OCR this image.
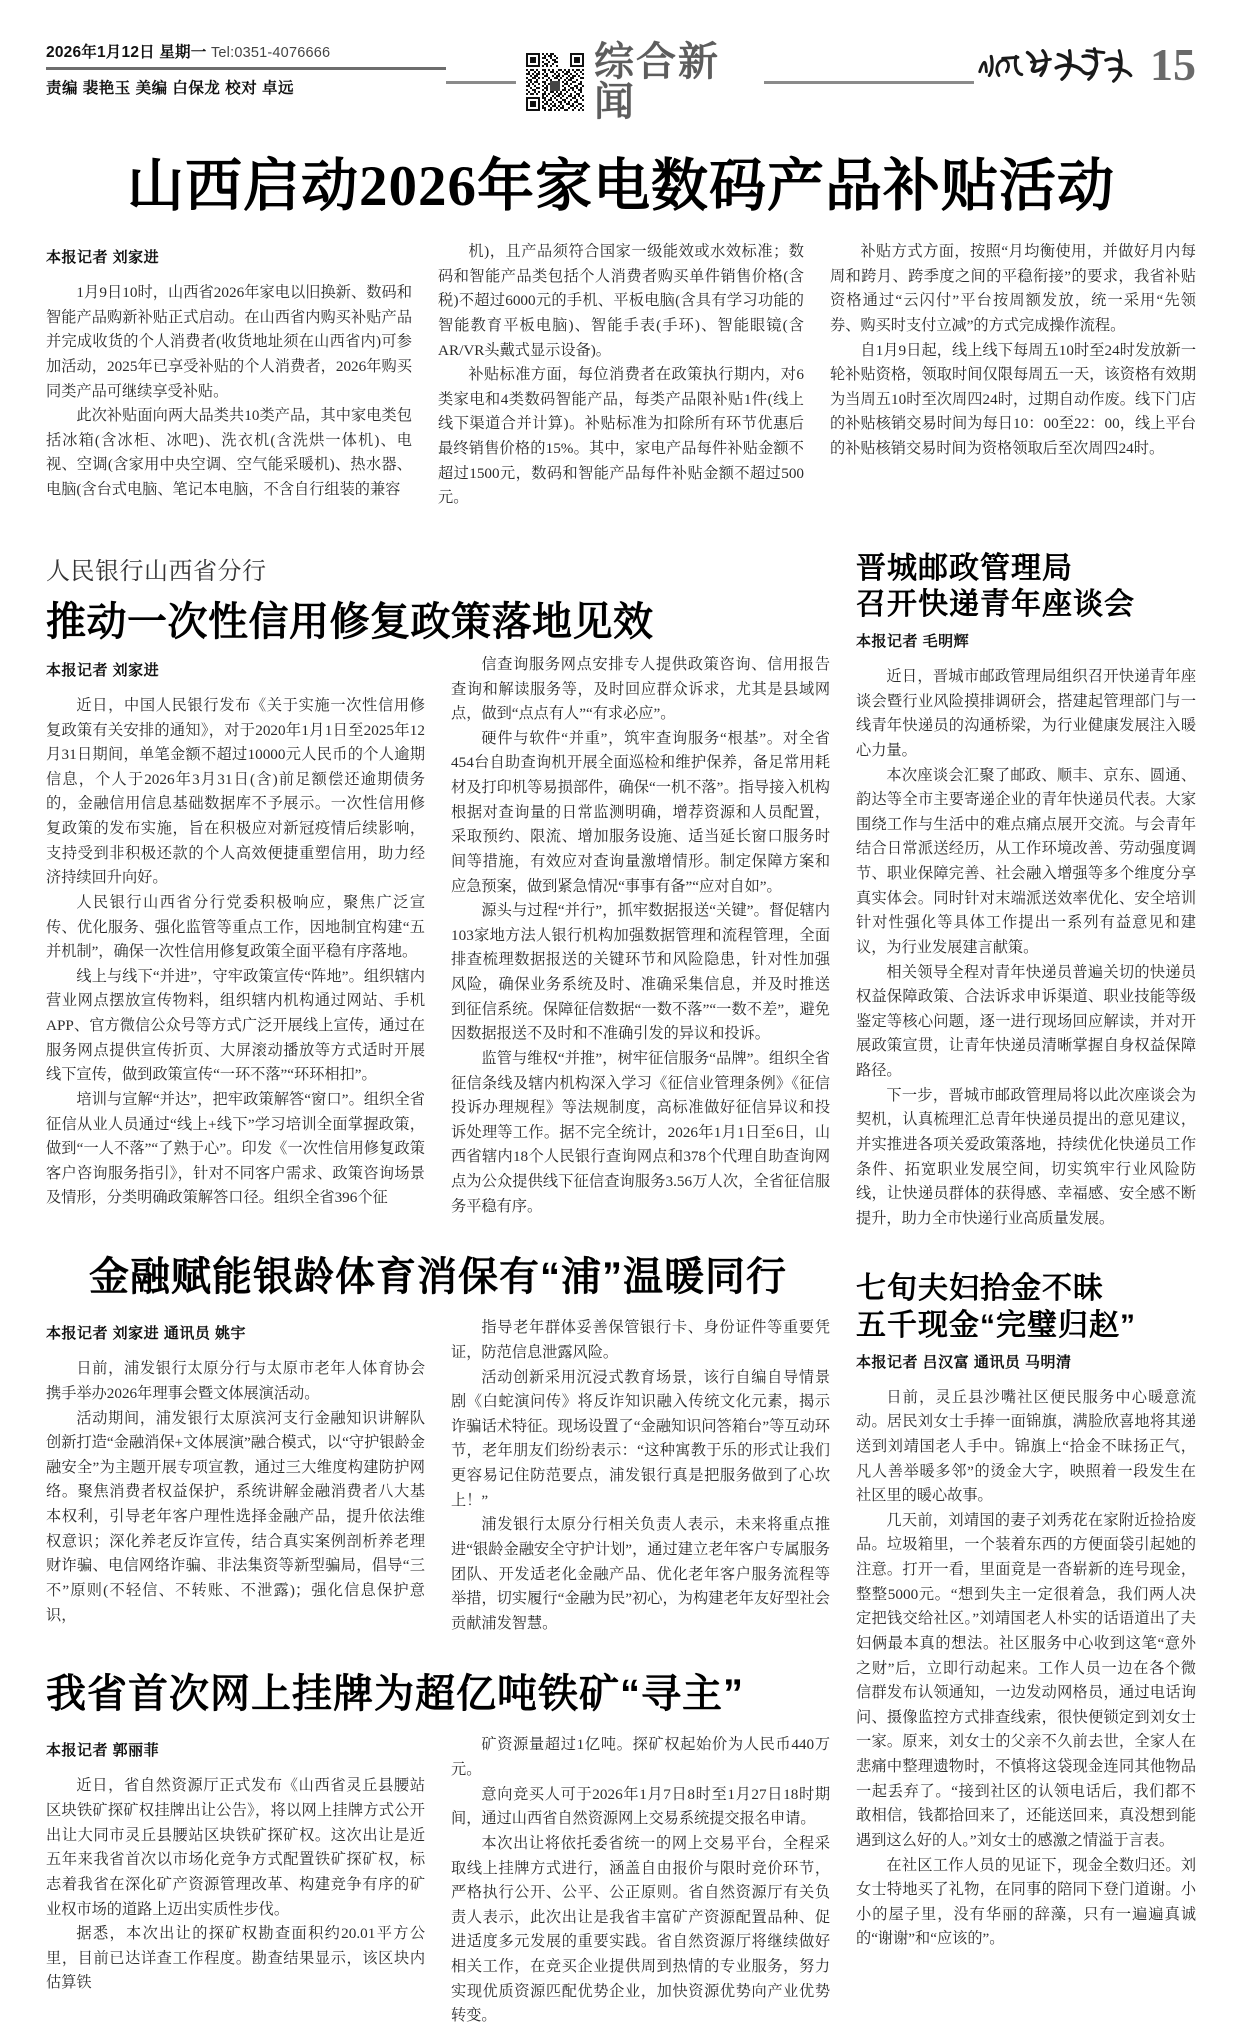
2026年1月12日 星期一 Tel:0351-4076666
责编 裴艳玉 美编 白保龙 校对 卓远
综合新闻
15
山西启动2026年家电数码产品补贴活动
本报记者 刘家进

1月9日10时，山西省2026年家电以旧换新、数码和智能产品购新补贴正式启动。在山西省内购买补贴产品并完成收货的个人消费者(收货地址须在山西省内)可参加活动，2025年已享受补贴的个人消费者，2026年购买同类产品可继续享受补贴。

此次补贴面向两大品类共10类产品，其中家电类包括冰箱(含冰柜、冰吧)、洗衣机(含洗烘一体机)、电视、空调(含家用中央空调、空气能采暖机)、热水器、电脑(含台式电脑、笔记本电脑，不含自行组装的兼容

机)，且产品须符合国家一级能效或水效标准；数码和智能产品类包括个人消费者购买单件销售价格(含税)不超过6000元的手机、平板电脑(含具有学习功能的智能教育平板电脑)、智能手表(手环)、智能眼镜(含AR/VR头戴式显示设备)。

补贴标准方面，每位消费者在政策执行期内，对6类家电和4类数码智能产品，每类产品限补贴1件(线上线下渠道合并计算)。补贴标准为扣除所有环节优惠后最终销售价格的15%。其中，家电产品每件补贴金额不超过1500元，数码和智能产品每件补贴金额不超过500元。

补贴方式方面，按照“月均衡使用，并做好月内每周和跨月、跨季度之间的平稳衔接”的要求，我省补贴资格通过“云闪付”平台按周额发放，统一采用“先领券、购买时支付立减”的方式完成操作流程。

自1月9日起，线上线下每周五10时至24时发放新一轮补贴资格，领取时间仅限每周五一天，该资格有效期为当周五10时至次周四24时，过期自动作废。线下门店的补贴核销交易时间为每日10：00至22：00，线上平台的补贴核销交易时间为资格领取后至次周四24时。

人民银行山西省分行
推动一次性信用修复政策落地见效
本报记者 刘家进

近日，中国人民银行发布《关于实施一次性信用修复政策有关安排的通知》，对于2020年1月1日至2025年12月31日期间，单笔金额不超过10000元人民币的个人逾期信息，个人于2026年3月31日(含)前足额偿还逾期债务的，金融信用信息基础数据库不予展示。一次性信用修复政策的发布实施，旨在积极应对新冠疫情后续影响，支持受到非积极还款的个人高效便捷重塑信用，助力经济持续回升向好。

人民银行山西省分行党委积极响应，聚焦广泛宣传、优化服务、强化监管等重点工作，因地制宜构建“五并机制”，确保一次性信用修复政策全面平稳有序落地。

线上与线下“并进”，守牢政策宣传“阵地”。组织辖内营业网点摆放宣传物料，组织辖内机构通过网站、手机APP、官方微信公众号等方式广泛开展线上宣传，通过在服务网点提供宣传折页、大屏滚动播放等方式适时开展线下宣传，做到政策宣传“一环不落”“环环相扣”。

培训与宣解“并达”，把牢政策解答“窗口”。组织全省征信从业人员通过“线上+线下”学习培训全面掌握政策，做到“一人不落”“了熟于心”。印发《一次性信用修复政策客户咨询服务指引》，针对不同客户需求、政策咨询场景及情形，分类明确政策解答口径。组织全省396个征

信查询服务网点安排专人提供政策咨询、信用报告查询和解读服务等，及时回应群众诉求，尤其是县域网点，做到“点点有人”“有求必应”。

硬件与软件“并重”，筑牢查询服务“根基”。对全省454台自助查询机开展全面巡检和维护保养，备足常用耗材及打印机等易损部件，确保“一机不落”。指导接入机构根据对查询量的日常监测明确，增荐资源和人员配置，采取预约、限流、增加服务设施、适当延长窗口服务时间等措施，有效应对查询量激增情形。制定保障方案和应急预案，做到紧急情况“事事有备”“应对自如”。

源头与过程“并行”，抓牢数据报送“关键”。督促辖内103家地方法人银行机构加强数据管理和流程管理，全面排查梳理数据报送的关键环节和风险隐患，针对性加强风险，确保业务系统及时、准确采集信息，并及时推送到征信系统。保障征信数据“一数不落”“一数不差”，避免因数据报送不及时和不准确引发的异议和投诉。

监管与维权“并推”，树牢征信服务“品牌”。组织全省征信条线及辖内机构深入学习《征信业管理条例》《征信投诉办理规程》等法规制度，高标准做好征信异议和投诉处理等工作。据不完全统计，2026年1月1日至6日，山西省辖内18个人民银行查询网点和378个代理自助查询网点为公众提供线下征信查询服务3.56万人次，全省征信服务平稳有序。

金融赋能银龄体育消保有“浦”温暖同行
本报记者 刘家进 通讯员 姚宇

日前，浦发银行太原分行与太原市老年人体育协会携手举办2026年理事会暨文体展演活动。

活动期间，浦发银行太原滨河支行金融知识讲解队创新打造“金融消保+文体展演”融合模式，以“守护银龄金融安全”为主题开展专项宣教，通过三大维度构建防护网络。聚焦消费者权益保护，系统讲解金融消费者八大基本权利，引导老年客户理性选择金融产品，提升依法维权意识；深化养老反诈宣传，结合真实案例剖析养老理财诈骗、电信网络诈骗、非法集资等新型骗局，倡导“三不”原则(不轻信、不转账、不泄露)；强化信息保护意识，

指导老年群体妥善保管银行卡、身份证件等重要凭证，防范信息泄露风险。

活动创新采用沉浸式教育场景，该行自编自导情景剧《白蛇演问传》将反诈知识融入传统文化元素，揭示诈骗话术特征。现场设置了“金融知识问答箱台”等互动环节，老年朋友们纷纷表示：“这种寓教于乐的形式让我们更容易记住防范要点，浦发银行真是把服务做到了心坎上！”

浦发银行太原分行相关负责人表示，未来将重点推进“银龄金融安全守护计划”，通过建立老年客户专属服务团队、开发适老化金融产品、优化老年客户服务流程等举措，切实履行“金融为民”初心，为构建老年友好型社会贡献浦发智慧。

我省首次网上挂牌为超亿吨铁矿“寻主”
本报记者 郭丽菲

近日，省自然资源厅正式发布《山西省灵丘县腰站区块铁矿探矿权挂牌出让公告》，将以网上挂牌方式公开出让大同市灵丘县腰站区块铁矿探矿权。这次出让是近五年来我省首次以市场化竞争方式配置铁矿探矿权，标志着我省在深化矿产资源管理改革、构建竞争有序的矿业权市场的道路上迈出实质性步伐。

据悉，本次出让的探矿权勘查面积约20.01平方公里，目前已达详查工作程度。勘查结果显示，该区块内估算铁

矿资源量超过1亿吨。探矿权起始价为人民币440万元。

意向竞买人可于2026年1月7日8时至1月27日18时期间，通过山西省自然资源网上交易系统提交报名申请。

本次出让将依托委省统一的网上交易平台，全程采取线上挂牌方式进行，涵盖自由报价与限时竞价环节，严格执行公开、公平、公正原则。省自然资源厅有关负责人表示，此次出让是我省丰富矿产资源配置品种、促进适度多元发展的重要实践。省自然资源厅将继续做好相关工作，在竞买企业提供周到热情的专业服务，努力实现优质资源匹配优势企业，加快资源优势向产业优势转变。

晋城邮政管理局
召开快递青年座谈会
本报记者 毛明辉

近日，晋城市邮政管理局组织召开快递青年座谈会暨行业风险摸排调研会，搭建起管理部门与一线青年快递员的沟通桥梁，为行业健康发展注入暖心力量。

本次座谈会汇聚了邮政、顺丰、京东、圆通、韵达等全市主要寄递企业的青年快递员代表。大家围绕工作与生活中的难点痛点展开交流。与会青年结合日常派送经历，从工作环境改善、劳动强度调节、职业保障完善、社会融入增强等多个维度分享真实体会。同时针对末端派送效率优化、安全培训针对性强化等具体工作提出一系列有益意见和建议，为行业发展建言献策。

相关领导全程对青年快递员普遍关切的快递员权益保障政策、合法诉求申诉渠道、职业技能等级鉴定等核心问题，逐一进行现场回应解读，并对开展政策宣贯，让青年快递员清晰掌握自身权益保障路径。

下一步，晋城市邮政管理局将以此次座谈会为契机，认真梳理汇总青年快递员提出的意见建议，并实推进各项关爱政策落地，持续优化快递员工作条件、拓宽职业发展空间，切实筑牢行业风险防线，让快递员群体的获得感、幸福感、安全感不断提升，助力全市快递行业高质量发展。

七旬夫妇拾金不昧
五千现金“完璧归赵”
本报记者 吕汉富 通讯员 马明清

日前，灵丘县沙嘴社区便民服务中心暖意流动。居民刘女士手捧一面锦旗，满脸欣喜地将其递送到刘靖国老人手中。锦旗上“拾金不昧扬正气，凡人善举暖多邻”的烫金大字，映照着一段发生在社区里的暖心故事。

几天前，刘靖国的妻子刘秀花在家附近捡拾废品。垃圾箱里，一个装着东西的方便面袋引起她的注意。打开一看，里面竟是一沓崭新的连号现金，整整5000元。“想到失主一定很着急，我们两人决定把钱交给社区。”刘靖国老人朴实的话语道出了夫妇俩最本真的想法。社区服务中心收到这笔“意外之财”后，立即行动起来。工作人员一边在各个微信群发布认领通知，一边发动网格员，通过电话询问、摄像监控方式排查线索，很快便锁定到刘女士一家。原来，刘女士的父亲不久前去世，全家人在悲痛中整理遗物时，不慎将这袋现金连同其他物品一起丢弃了。“接到社区的认领电话后，我们都不敢相信，钱都拾回来了，还能送回来，真没想到能遇到这么好的人。”刘女士的感激之情溢于言表。

在社区工作人员的见证下，现金全数归还。刘女士特地买了礼物，在同事的陪同下登门道谢。小小的屋子里，没有华丽的辞藻，只有一遍遍真诚的“谢谢”和“应该的”。
